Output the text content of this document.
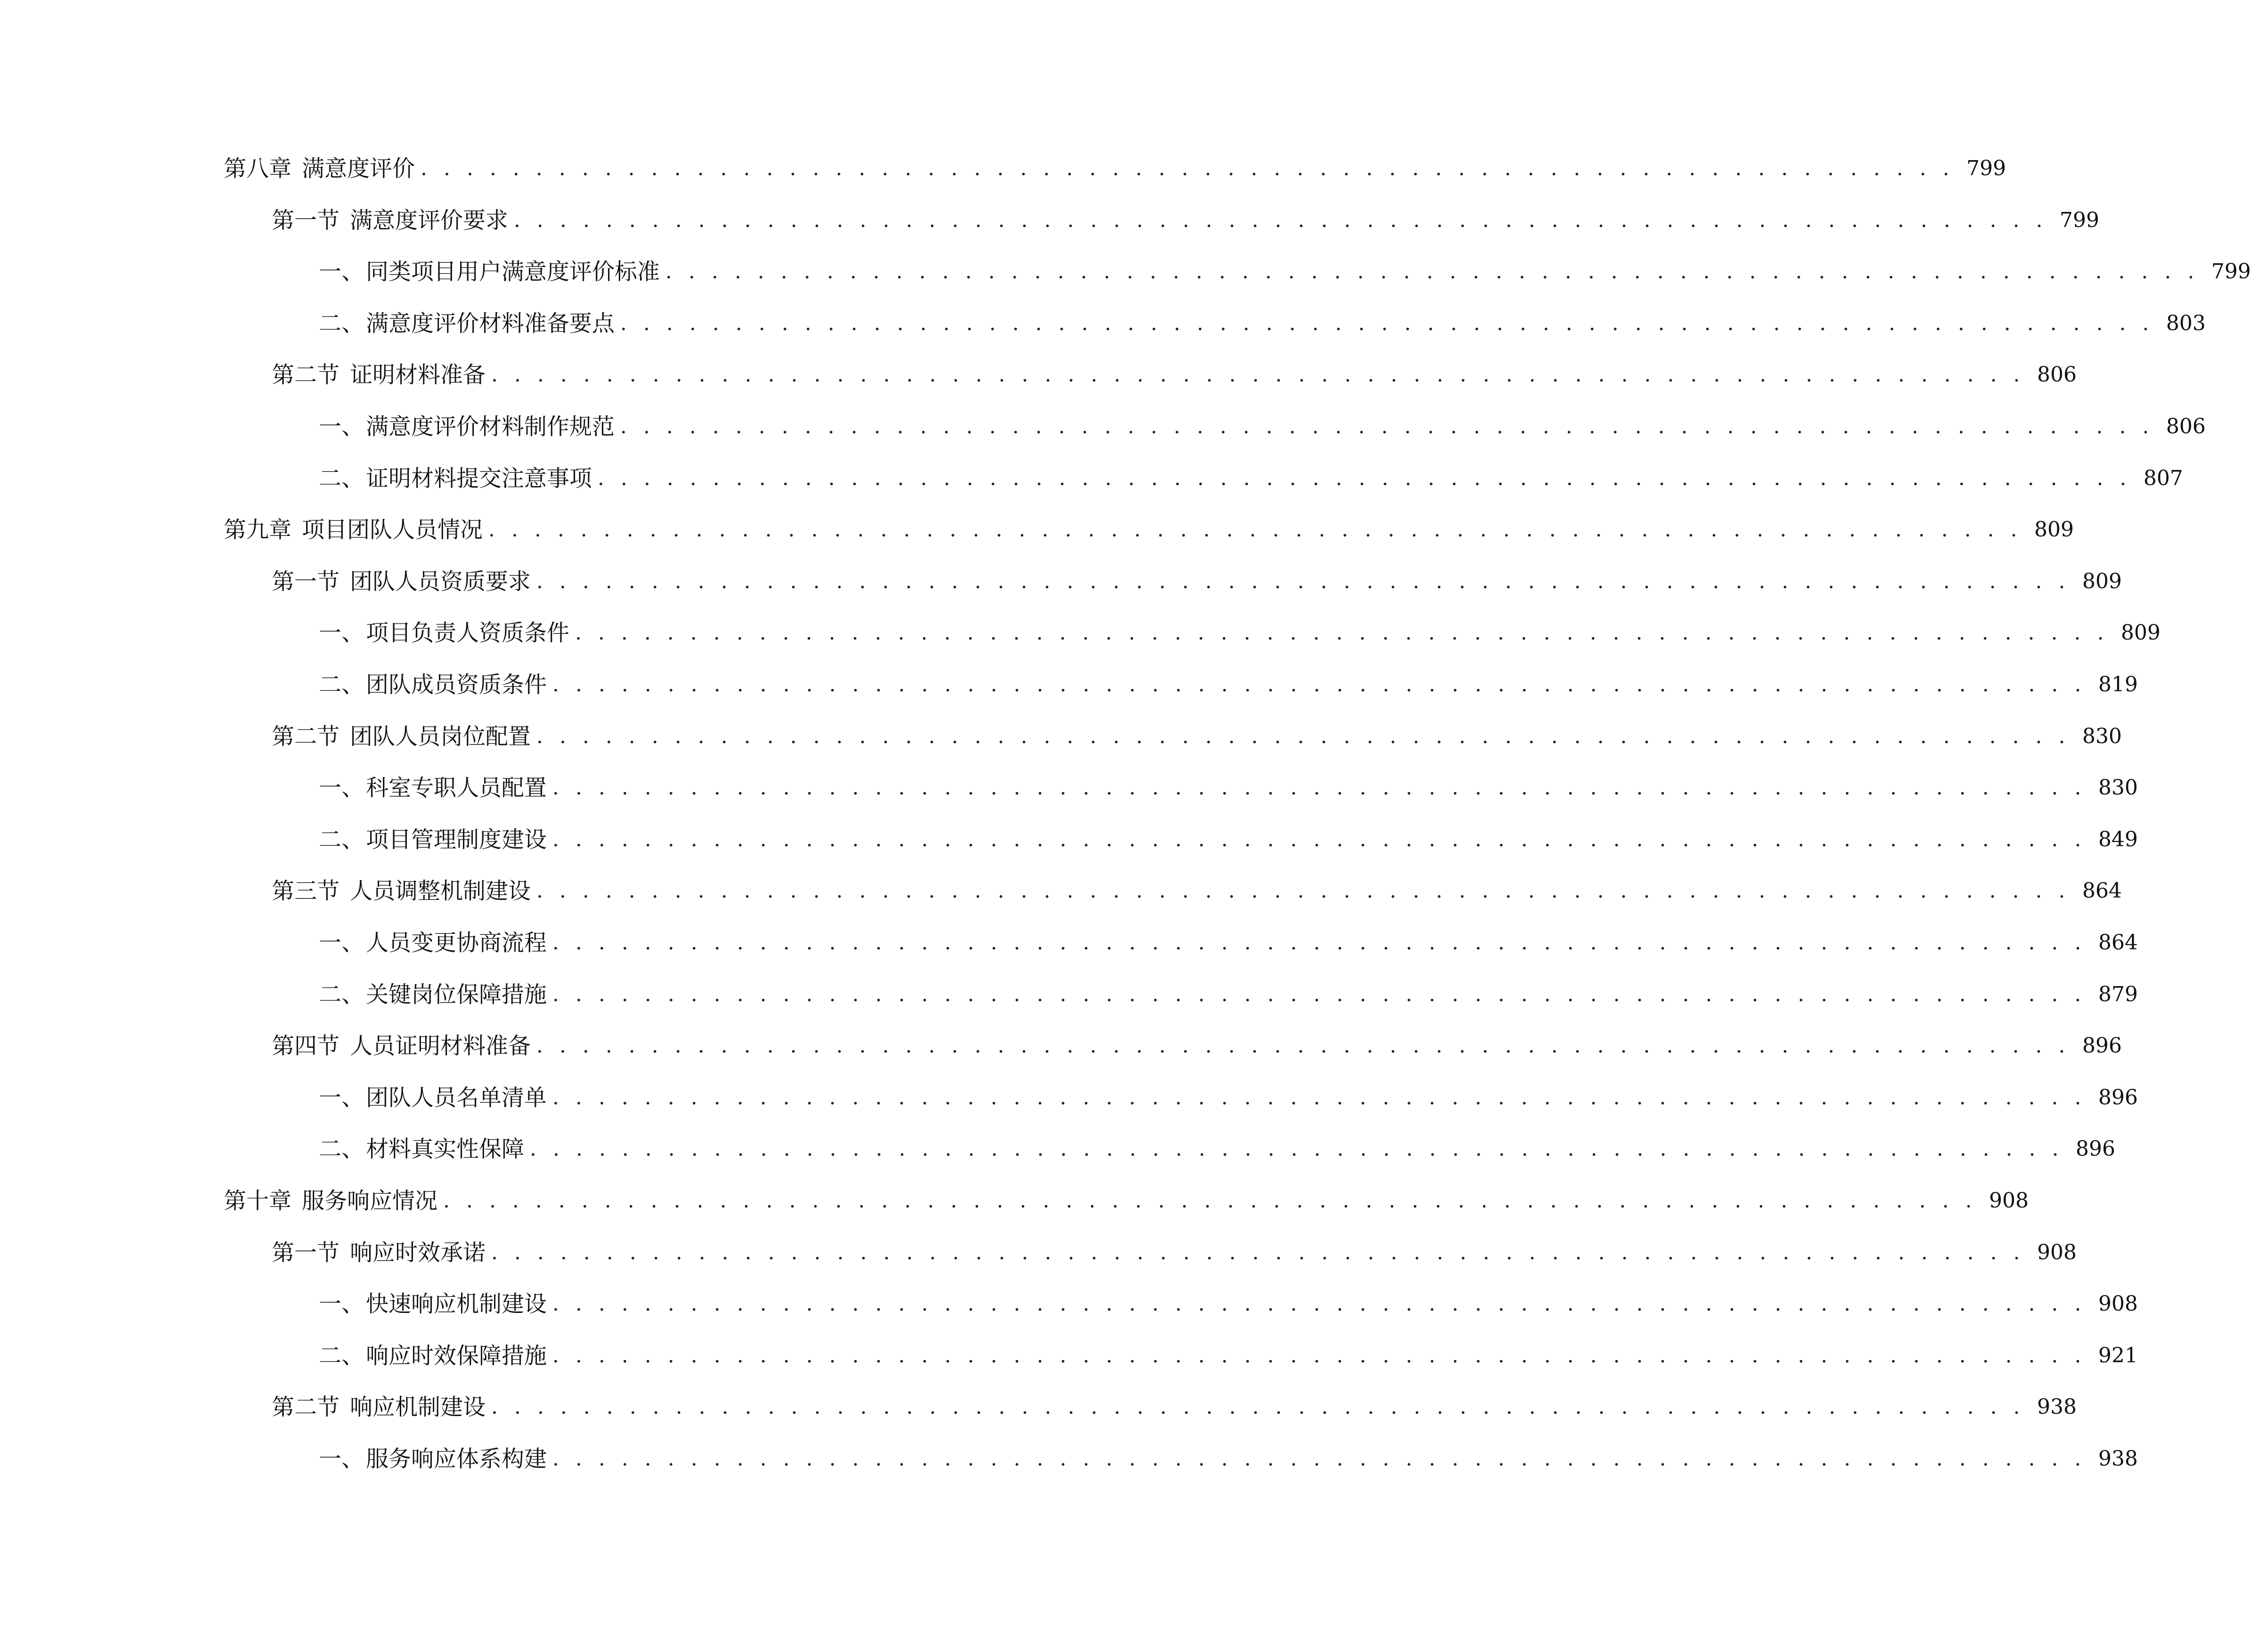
第八章 满意度评价 . . . . . . . . . . . . . . . . . . . . . . . . . . . . . . . . . . . . . . . . . . . . . . . . . . . . . . . . . . . . . . . . . . . 799
第一节 满意度评价要求 . . . . . . . . . . . . . . . . . . . . . . . . . . . . . . . . . . . . . . . . . . . . . . . . . . . . . . . . . . . . . . . . . . . 799
一、 同类项目用户满意度评价标准 . . . . . . . . . . . . . . . . . . . . . . . . . . . . . . . . . . . . . . . . . . . . . . . . . . . . . . . . . . . . . . . . . . . 799
二、 满意度评价材料准备要点 . . . . . . . . . . . . . . . . . . . . . . . . . . . . . . . . . . . . . . . . . . . . . . . . . . . . . . . . . . . . . . . . . . . 803
第二节 证明材料准备 . . . . . . . . . . . . . . . . . . . . . . . . . . . . . . . . . . . . . . . . . . . . . . . . . . . . . . . . . . . . . . . . . . . 806
一、 满意度评价材料制作规范 . . . . . . . . . . . . . . . . . . . . . . . . . . . . . . . . . . . . . . . . . . . . . . . . . . . . . . . . . . . . . . . . . . . 806
二、 证明材料提交注意事项 . . . . . . . . . . . . . . . . . . . . . . . . . . . . . . . . . . . . . . . . . . . . . . . . . . . . . . . . . . . . . . . . . . . 807
第九章 项目团队人员情况 . . . . . . . . . . . . . . . . . . . . . . . . . . . . . . . . . . . . . . . . . . . . . . . . . . . . . . . . . . . . . . . . . . . 809
第一节 团队人员资质要求 . . . . . . . . . . . . . . . . . . . . . . . . . . . . . . . . . . . . . . . . . . . . . . . . . . . . . . . . . . . . . . . . . . . 809
一、 项目负责人资质条件 . . . . . . . . . . . . . . . . . . . . . . . . . . . . . . . . . . . . . . . . . . . . . . . . . . . . . . . . . . . . . . . . . . . 809
二、 团队成员资质条件 . . . . . . . . . . . . . . . . . . . . . . . . . . . . . . . . . . . . . . . . . . . . . . . . . . . . . . . . . . . . . . . . . . . 819
第二节 团队人员岗位配置 . . . . . . . . . . . . . . . . . . . . . . . . . . . . . . . . . . . . . . . . . . . . . . . . . . . . . . . . . . . . . . . . . . . 830
一、 科室专职人员配置 . . . . . . . . . . . . . . . . . . . . . . . . . . . . . . . . . . . . . . . . . . . . . . . . . . . . . . . . . . . . . . . . . . . 830
二、 项目管理制度建设 . . . . . . . . . . . . . . . . . . . . . . . . . . . . . . . . . . . . . . . . . . . . . . . . . . . . . . . . . . . . . . . . . . . 849
第三节 人员调整机制建设 . . . . . . . . . . . . . . . . . . . . . . . . . . . . . . . . . . . . . . . . . . . . . . . . . . . . . . . . . . . . . . . . . . . 864
一、 人员变更协商流程 . . . . . . . . . . . . . . . . . . . . . . . . . . . . . . . . . . . . . . . . . . . . . . . . . . . . . . . . . . . . . . . . . . . 864
二、 关键岗位保障措施 . . . . . . . . . . . . . . . . . . . . . . . . . . . . . . . . . . . . . . . . . . . . . . . . . . . . . . . . . . . . . . . . . . . 879
第四节 人员证明材料准备 . . . . . . . . . . . . . . . . . . . . . . . . . . . . . . . . . . . . . . . . . . . . . . . . . . . . . . . . . . . . . . . . . . . 896
一、 团队人员名单清单 . . . . . . . . . . . . . . . . . . . . . . . . . . . . . . . . . . . . . . . . . . . . . . . . . . . . . . . . . . . . . . . . . . . 896
二、 材料真实性保障 . . . . . . . . . . . . . . . . . . . . . . . . . . . . . . . . . . . . . . . . . . . . . . . . . . . . . . . . . . . . . . . . . . . 896
第十章 服务响应情况 . . . . . . . . . . . . . . . . . . . . . . . . . . . . . . . . . . . . . . . . . . . . . . . . . . . . . . . . . . . . . . . . . . . 908
第一节 响应时效承诺 . . . . . . . . . . . . . . . . . . . . . . . . . . . . . . . . . . . . . . . . . . . . . . . . . . . . . . . . . . . . . . . . . . . 908
一、 快速响应机制建设 . . . . . . . . . . . . . . . . . . . . . . . . . . . . . . . . . . . . . . . . . . . . . . . . . . . . . . . . . . . . . . . . . . . 908
二、 响应时效保障措施 . . . . . . . . . . . . . . . . . . . . . . . . . . . . . . . . . . . . . . . . . . . . . . . . . . . . . . . . . . . . . . . . . . . 921
第二节 响应机制建设 . . . . . . . . . . . . . . . . . . . . . . . . . . . . . . . . . . . . . . . . . . . . . . . . . . . . . . . . . . . . . . . . . . . 938
一、 服务响应体系构建 . . . . . . . . . . . . . . . . . . . . . . . . . . . . . . . . . . . . . . . . . . . . . . . . . . . . . . . . . . . . . . . . . . . 938
